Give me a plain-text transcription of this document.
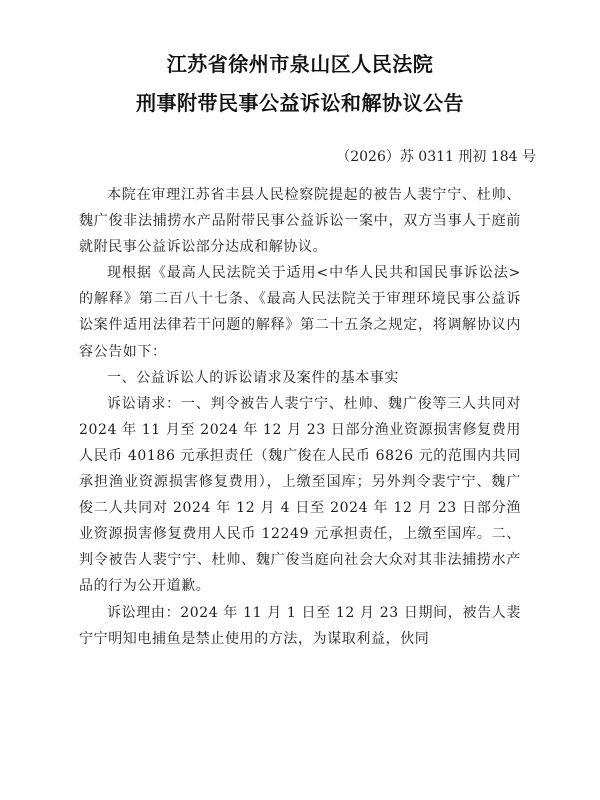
江苏省徐州市泉山区人民法院
刑事附带民事公益诉讼和解协议公告
（2026）苏 0311 刑初 184 号

本院在审理江苏省丰县人民检察院提起的被告人裴宁宁、杜帅、魏广俊非法捕捞水产品附带民事公益诉讼一案中，双方当事人于庭前就附民事公益诉讼部分达成和解协议。

现根据《最高人民法院关于适用<中华人民共和国民事诉讼法>的解释》第二百八十七条、《最高人民法院关于审理环境民事公益诉讼案件适用法律若干问题的解释》第二十五条之规定，将调解协议内容公告如下：

一、公益诉讼人的诉讼请求及案件的基本事实

诉讼请求：一、判令被告人裴宁宁、杜帅、魏广俊等三人共同对 2024 年 11 月至 2024 年 12 月 23 日部分渔业资源损害修复费用人民币 40186 元承担责任（魏广俊在人民币 6826 元的范围内共同承担渔业资源损害修复费用），上缴至国库；另外判令裴宁宁、魏广俊二人共同对 2024 年 12 月 4 日至 2024 年 12 月 23 日部分渔业资源损害修复费用人民币 12249 元承担责任，上缴至国库。二、判令被告人裴宁宁、杜帅、魏广俊当庭向社会大众对其非法捕捞水产品的行为公开道歉。

诉讼理由：2024 年 11 月 1 日至 12 月 23 日期间，被告人裴宁宁明知电捕鱼是禁止使用的方法，为谋取利益，伙同
